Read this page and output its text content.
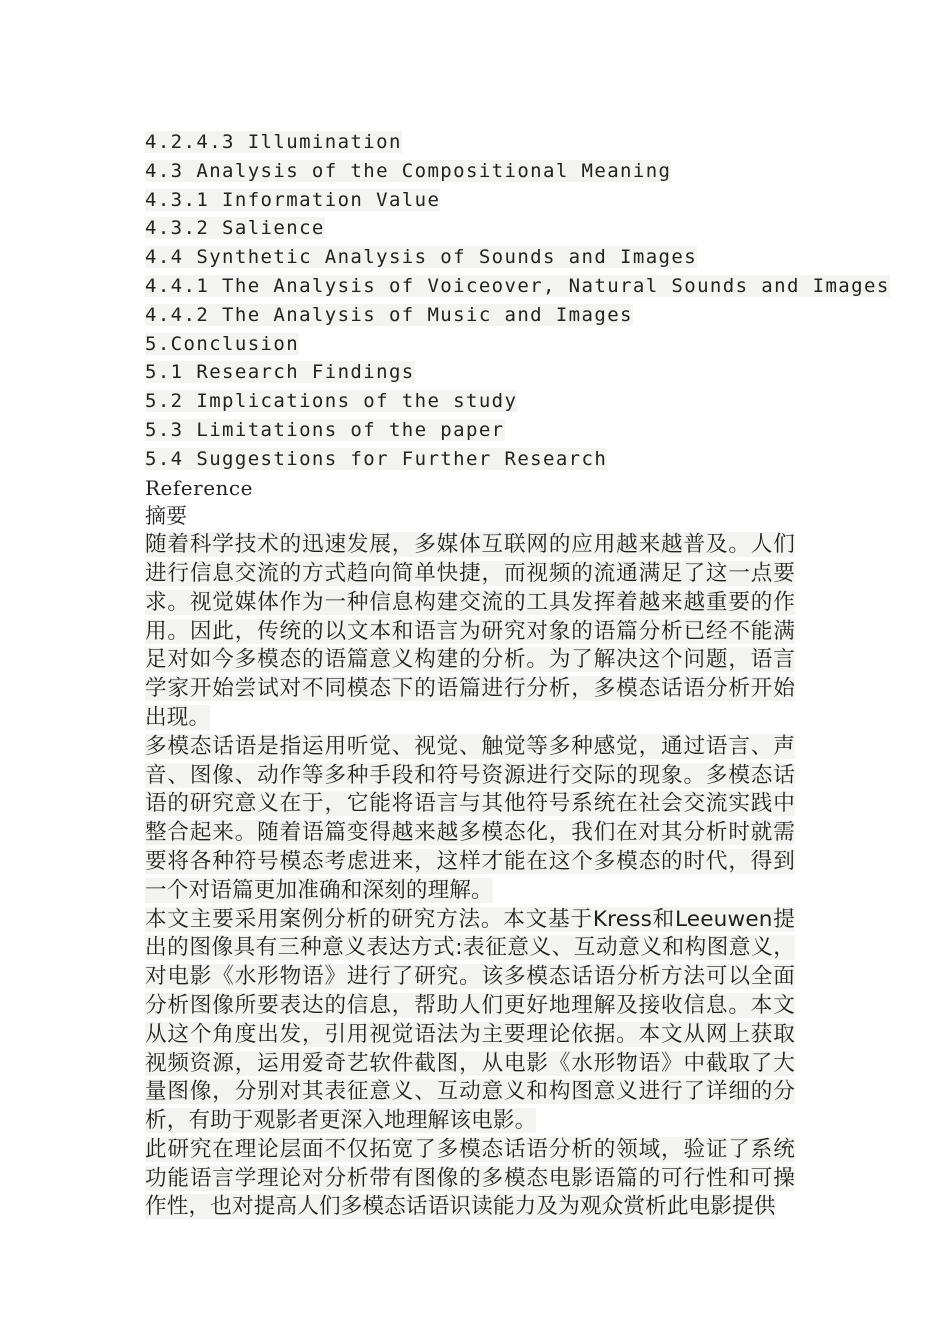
4.2.4.3 Illumination
4.3 Analysis of the Compositional Meaning
4.3.1 Information Value
4.3.2 Salience
4.4 Synthetic Analysis of Sounds and Images
4.4.1 The Analysis of Voiceover, Natural Sounds and Images
4.4.2 The Analysis of Music and Images
5.Conclusion
5.1 Research Findings
5.2 Implications of the study
5.3 Limitations of the paper
5.4 Suggestions for Further Research
Reference
摘要

随着科学技术的迅速发展，多媒体互联网的应用越来越普及。人们进行信息交流的方式趋向简单快捷，而视频的流通满足了这一点要求。视觉媒体作为一种信息构建交流的工具发挥着越来越重要的作用。因此，传统的以文本和语言为研究对象的语篇分析已经不能满足对如今多模态的语篇意义构建的分析。为了解决这个问题，语言学家开始尝试对不同模态下的语篇进行分析，多模态话语分析开始出现。

多模态话语是指运用听觉、视觉、触觉等多种感觉，通过语言、声音、图像、动作等多种手段和符号资源进行交际的现象。多模态话语的研究意义在于，它能将语言与其他符号系统在社会交流实践中整合起来。随着语篇变得越来越多模态化，我们在对其分析时就需要将各种符号模态考虑进来，这样才能在这个多模态的时代，得到一个对语篇更加准确和深刻的理解。

本文主要采用案例分析的研究方法。本文基于Kress和Leeuwen提出的图像具有三种意义表达方式:表征意义、互动意义和构图意义，对电影《水形物语》进行了研究。该多模态话语分析方法可以全面分析图像所要表达的信息，帮助人们更好地理解及接收信息。本文从这个角度出发，引用视觉语法为主要理论依据。本文从网上获取视频资源，运用爱奇艺软件截图，从电影《水形物语》中截取了大量图像，分别对其表征意义、互动意义和构图意义进行了详细的分析，有助于观影者更深入地理解该电影。

此研究在理论层面不仅拓宽了多模态话语分析的领域，验证了系统功能语言学理论对分析带有图像的多模态电影语篇的可行性和可操作性，也对提高人们多模态话语识读能力及为观众赏析此电影提供
